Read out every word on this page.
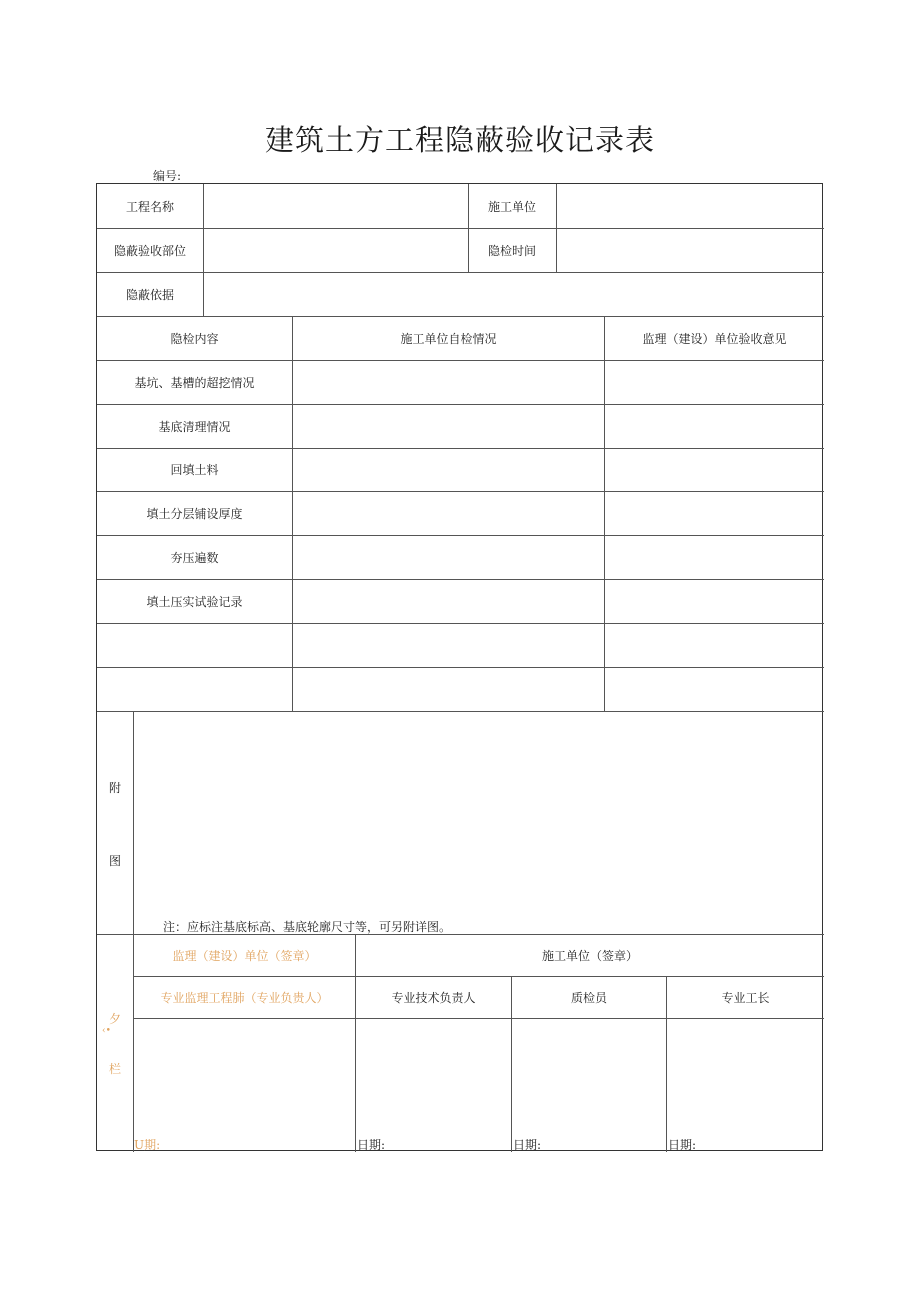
建筑土方工程隐蔽验收记录表
编号:
工程名称	施工单位
隐蔽验收部位	隐检时间
隐蔽依据
隐检内容	施工单位自检情况	监理（建设）单位验收意见
基坑、基槽的超挖情况
基底清理情况
回填土料
填土分层铺设厚度
夯压遍数
填土压实试验记录
附
图
注：应标注基底标高、基底轮廓尺寸等，可另附详图。
夕
‹•
栏
监理（建设）单位（签章）	施工单位（签章）
专业监理工程肺（专业负贵人）	专业技术负责人	质检员	专业工长
U期:	日期:	日期:	日期:
